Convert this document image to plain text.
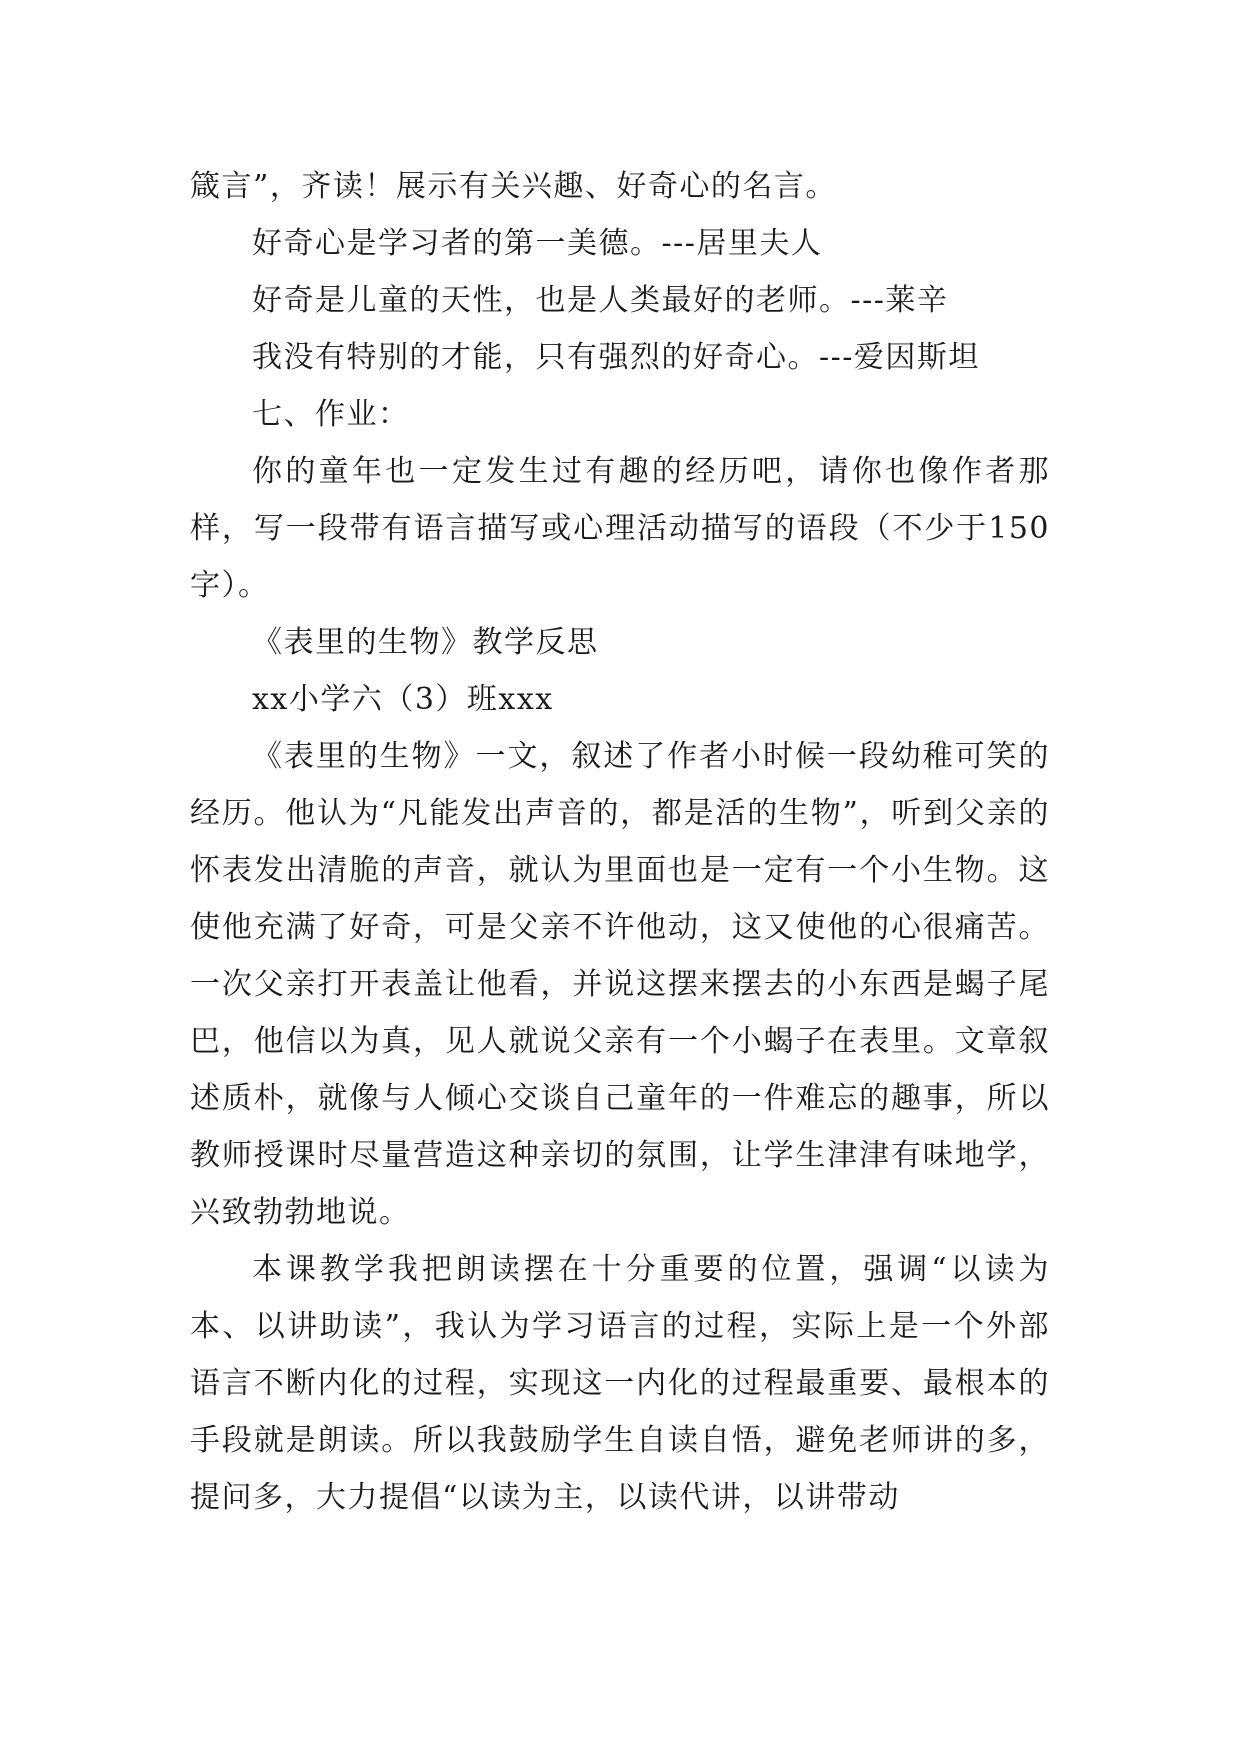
箴言”，齐读！展示有关兴趣、好奇心的名言。

好奇心是学习者的第一美德。---居里夫人

好奇是儿童的天性，也是人类最好的老师。---莱辛

我没有特别的才能，只有强烈的好奇心。---爱因斯坦

七、作业：

你的童年也一定发生过有趣的经历吧，请你也像作者那样，写一段带有语言描写或心理活动描写的语段（不少于150字）。

《表里的生物》教学反思

xx小学六（3）班xxx

《表里的生物》一文，叙述了作者小时候一段幼稚可笑的经历。他认为“凡能发出声音的，都是活的生物”，听到父亲的怀表发出清脆的声音，就认为里面也是一定有一个小生物。这使他充满了好奇，可是父亲不许他动，这又使他的心很痛苦。一次父亲打开表盖让他看，并说这摆来摆去的小东西是蝎子尾巴，他信以为真，见人就说父亲有一个小蝎子在表里。文章叙述质朴，就像与人倾心交谈自己童年的一件难忘的趣事，所以教师授课时尽量营造这种亲切的氛围，让学生津津有味地学，兴致勃勃地说。

本课教学我把朗读摆在十分重要的位置，强调“以读为本、以讲助读”，我认为学习语言的过程，实际上是一个外部语言不断内化的过程，实现这一内化的过程最重要、最根本的手段就是朗读。所以我鼓励学生自读自悟，避免老师讲的多，提问多，大力提倡“以读为主，以读代讲，以讲带动
